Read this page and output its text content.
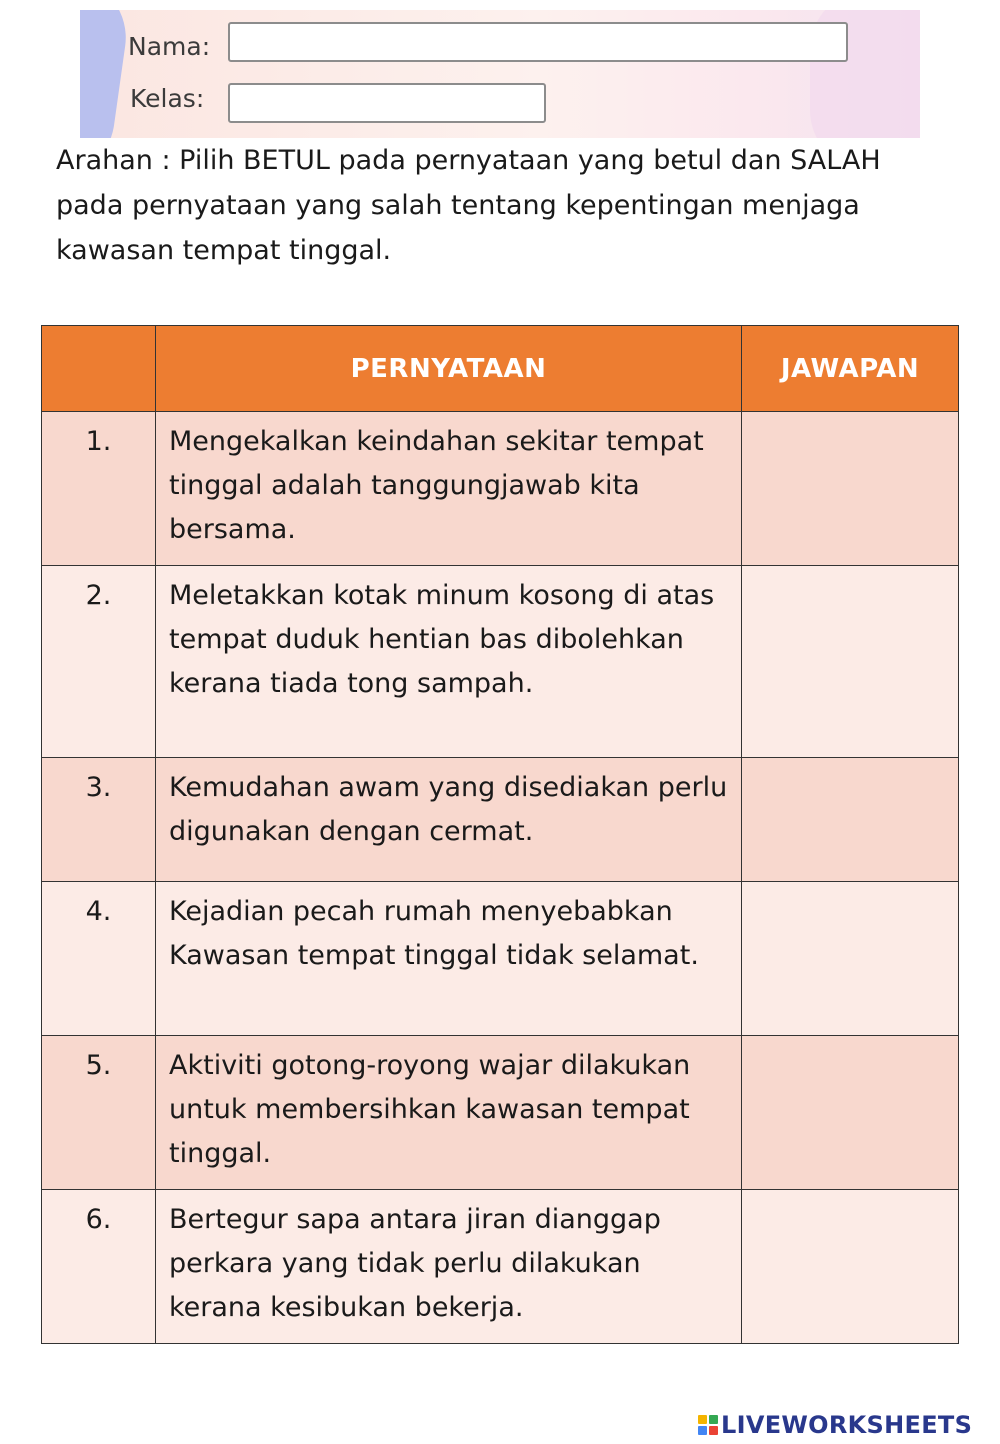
Nama:
Kelas:
Arahan : Pilih BETUL pada pernyataan yang betul dan SALAH pada pernyataan yang salah tentang kepentingan menjaga kawasan tempat tinggal.
	PERNYATAAN	JAWAPAN
1.	Mengekalkan keindahan sekitar tempat tinggal adalah tanggungjawab kita bersama.	
2.	Meletakkan kotak minum kosong di atas tempat duduk hentian bas dibolehkan kerana tiada tong sampah.	
3.	Kemudahan awam yang disediakan perlu digunakan dengan cermat.	
4.	Kejadian pecah rumah menyebabkan Kawasan tempat tinggal tidak selamat.	
5.	Aktiviti gotong-royong wajar dilakukan untuk membersihkan kawasan tempat tinggal.	
6.	Bertegur sapa antara jiran dianggap perkara yang tidak perlu dilakukan kerana kesibukan bekerja.	
LIVEWORKSHEETS
